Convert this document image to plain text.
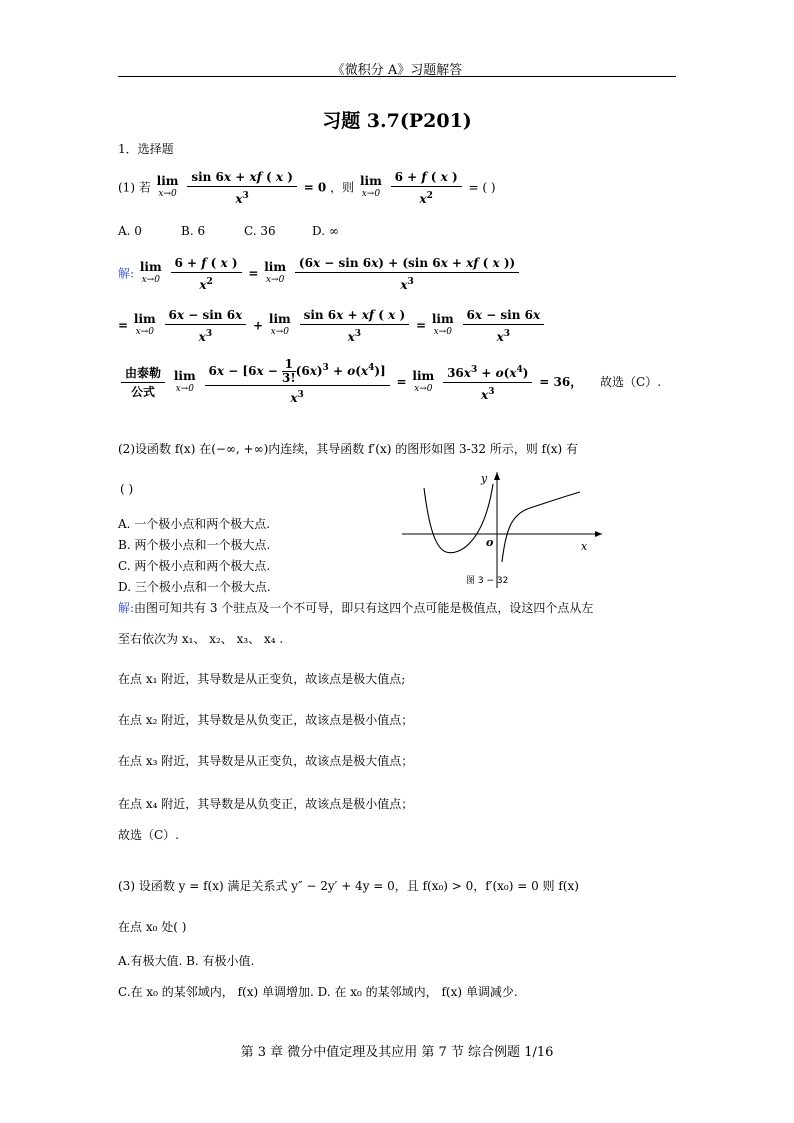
《微积分 A》习题解答
习题 3.7(P201)
1．选择题
(1) 若 lim
x→0
$\frac{\sin 6x + xf ( x )}{x^3} = 0$ ，则 lim
x→0
$\frac{6 + f ( x )}{x^2}$ = ( )
A. 0	B. 6	C. 36	D. ∞
解: lim
x→0
$\frac{6 + f ( x )}{x^2} = \lim$
x→0
$\frac{(6x - \sin 6x) + (\sin 6x + xf ( x ))}{x^3}$
= lim
x→0
$\frac{6x - \sin 6x}{x^3} + \lim$
x→0
$\frac{\sin 6x + xf ( x )}{x^3} = \lim$
x→0
$\frac{6x - \sin 6x}{x^3}$
$\frac{\text{由泰勒}}{\text{公式}}$ lim
x→0
$\frac{6x - [6x - \frac{1}{3!} (6x)^3 + o(x^4)]}{x^3} = \lim$
x→0
$\frac{36x^3 + o(x^4)}{x^3} = 36$， 故选（C）.
(2)设函数 f(x) 在(−∞, +∞)内连续，其导函数 f′(x) 的图形如图 3-32 所示，则 f(x) 有
( )
A. 一个极小点和两个极大点.
B. 两个极小点和一个极大点.
C. 两个极小点和两个极大点.
D. 三个极小点和一个极大点.
y
o	x
图 3 − 32
解:由图可知共有 3 个驻点及一个不可导，即只有这四个点可能是极值点，设这四个点从左
至右依次为 x₁、 x₂、 x₃、 x₄ .
在点 x₁ 附近，其导数是从正变负，故该点是极大值点;
在点 x₂ 附近，其导数是从负变正，故该点是极小值点；
在点 x₃ 附近，其导数是从正变负，故该点是极大值点；
在点 x₄ 附近，其导数是从负变正，故该点是极小值点；
故选（C）.
(3) 设函数 y = f(x) 满足关系式 y″ − 2y′ + 4y = 0，且 f(x₀) > 0，f′(x₀) = 0 则 f(x)
在点 x₀ 处( )
A.有极大值. B. 有极小值.
C.在 x₀ 的某邻域内， f(x) 单调增加. D. 在 x₀ 的某邻域内， f(x) 单调减少.
第 3 章 微分中值定理及其应用 第 7 节 综合例题 1/16
